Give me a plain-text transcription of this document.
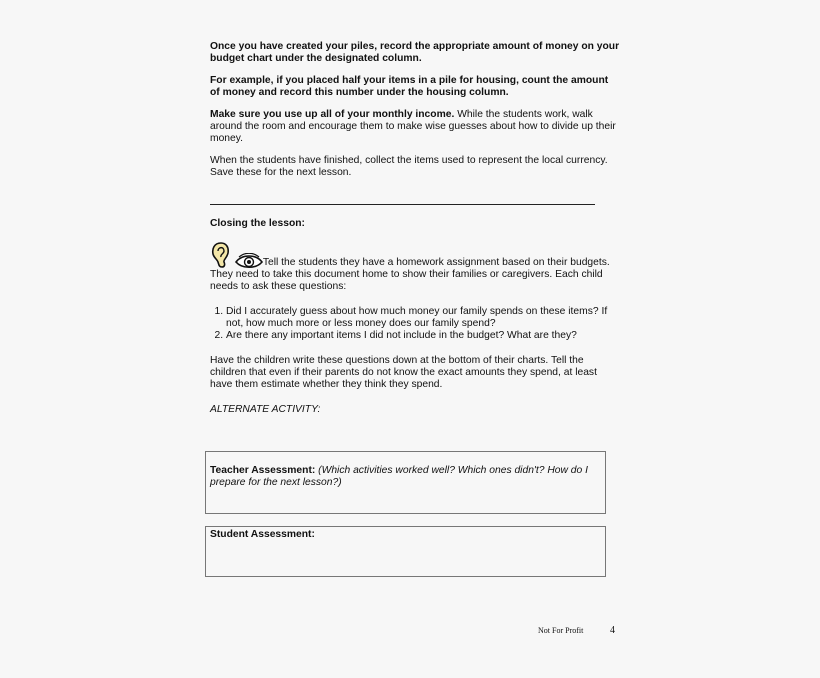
Once you have created your piles, record the appropriate amount of money on your budget chart under the designated column.

For example, if you placed half your items in a pile for housing, count the amount of money and record this number under the housing column.

Make sure you use up all of your monthly income. While the students work, walk around the room and encourage them to make wise guesses about how to divide up their money.

When the students have finished, collect the items used to represent the local currency. Save these for the next lesson.

Closing the lesson:
Tell the students they have a homework assignment based on their budgets. They need to take this document home to show their families or caregivers. Each child needs to ask these questions:
1. Did I accurately guess about how much money our family spends on these items? If not, how much more or less money does our family spend?
2. Are there any important items I did not include in the budget? What are they?
Have the children write these questions down at the bottom of their charts. Tell the children that even if their parents do not know the exact amounts they spend, at least have them estimate whether they think they spend.
ALTERNATE ACTIVITY:
Teacher Assessment: (Which activities worked well? Which ones didn't? How do I prepare for the next lesson?)
Student Assessment:
Not For Profit	4
